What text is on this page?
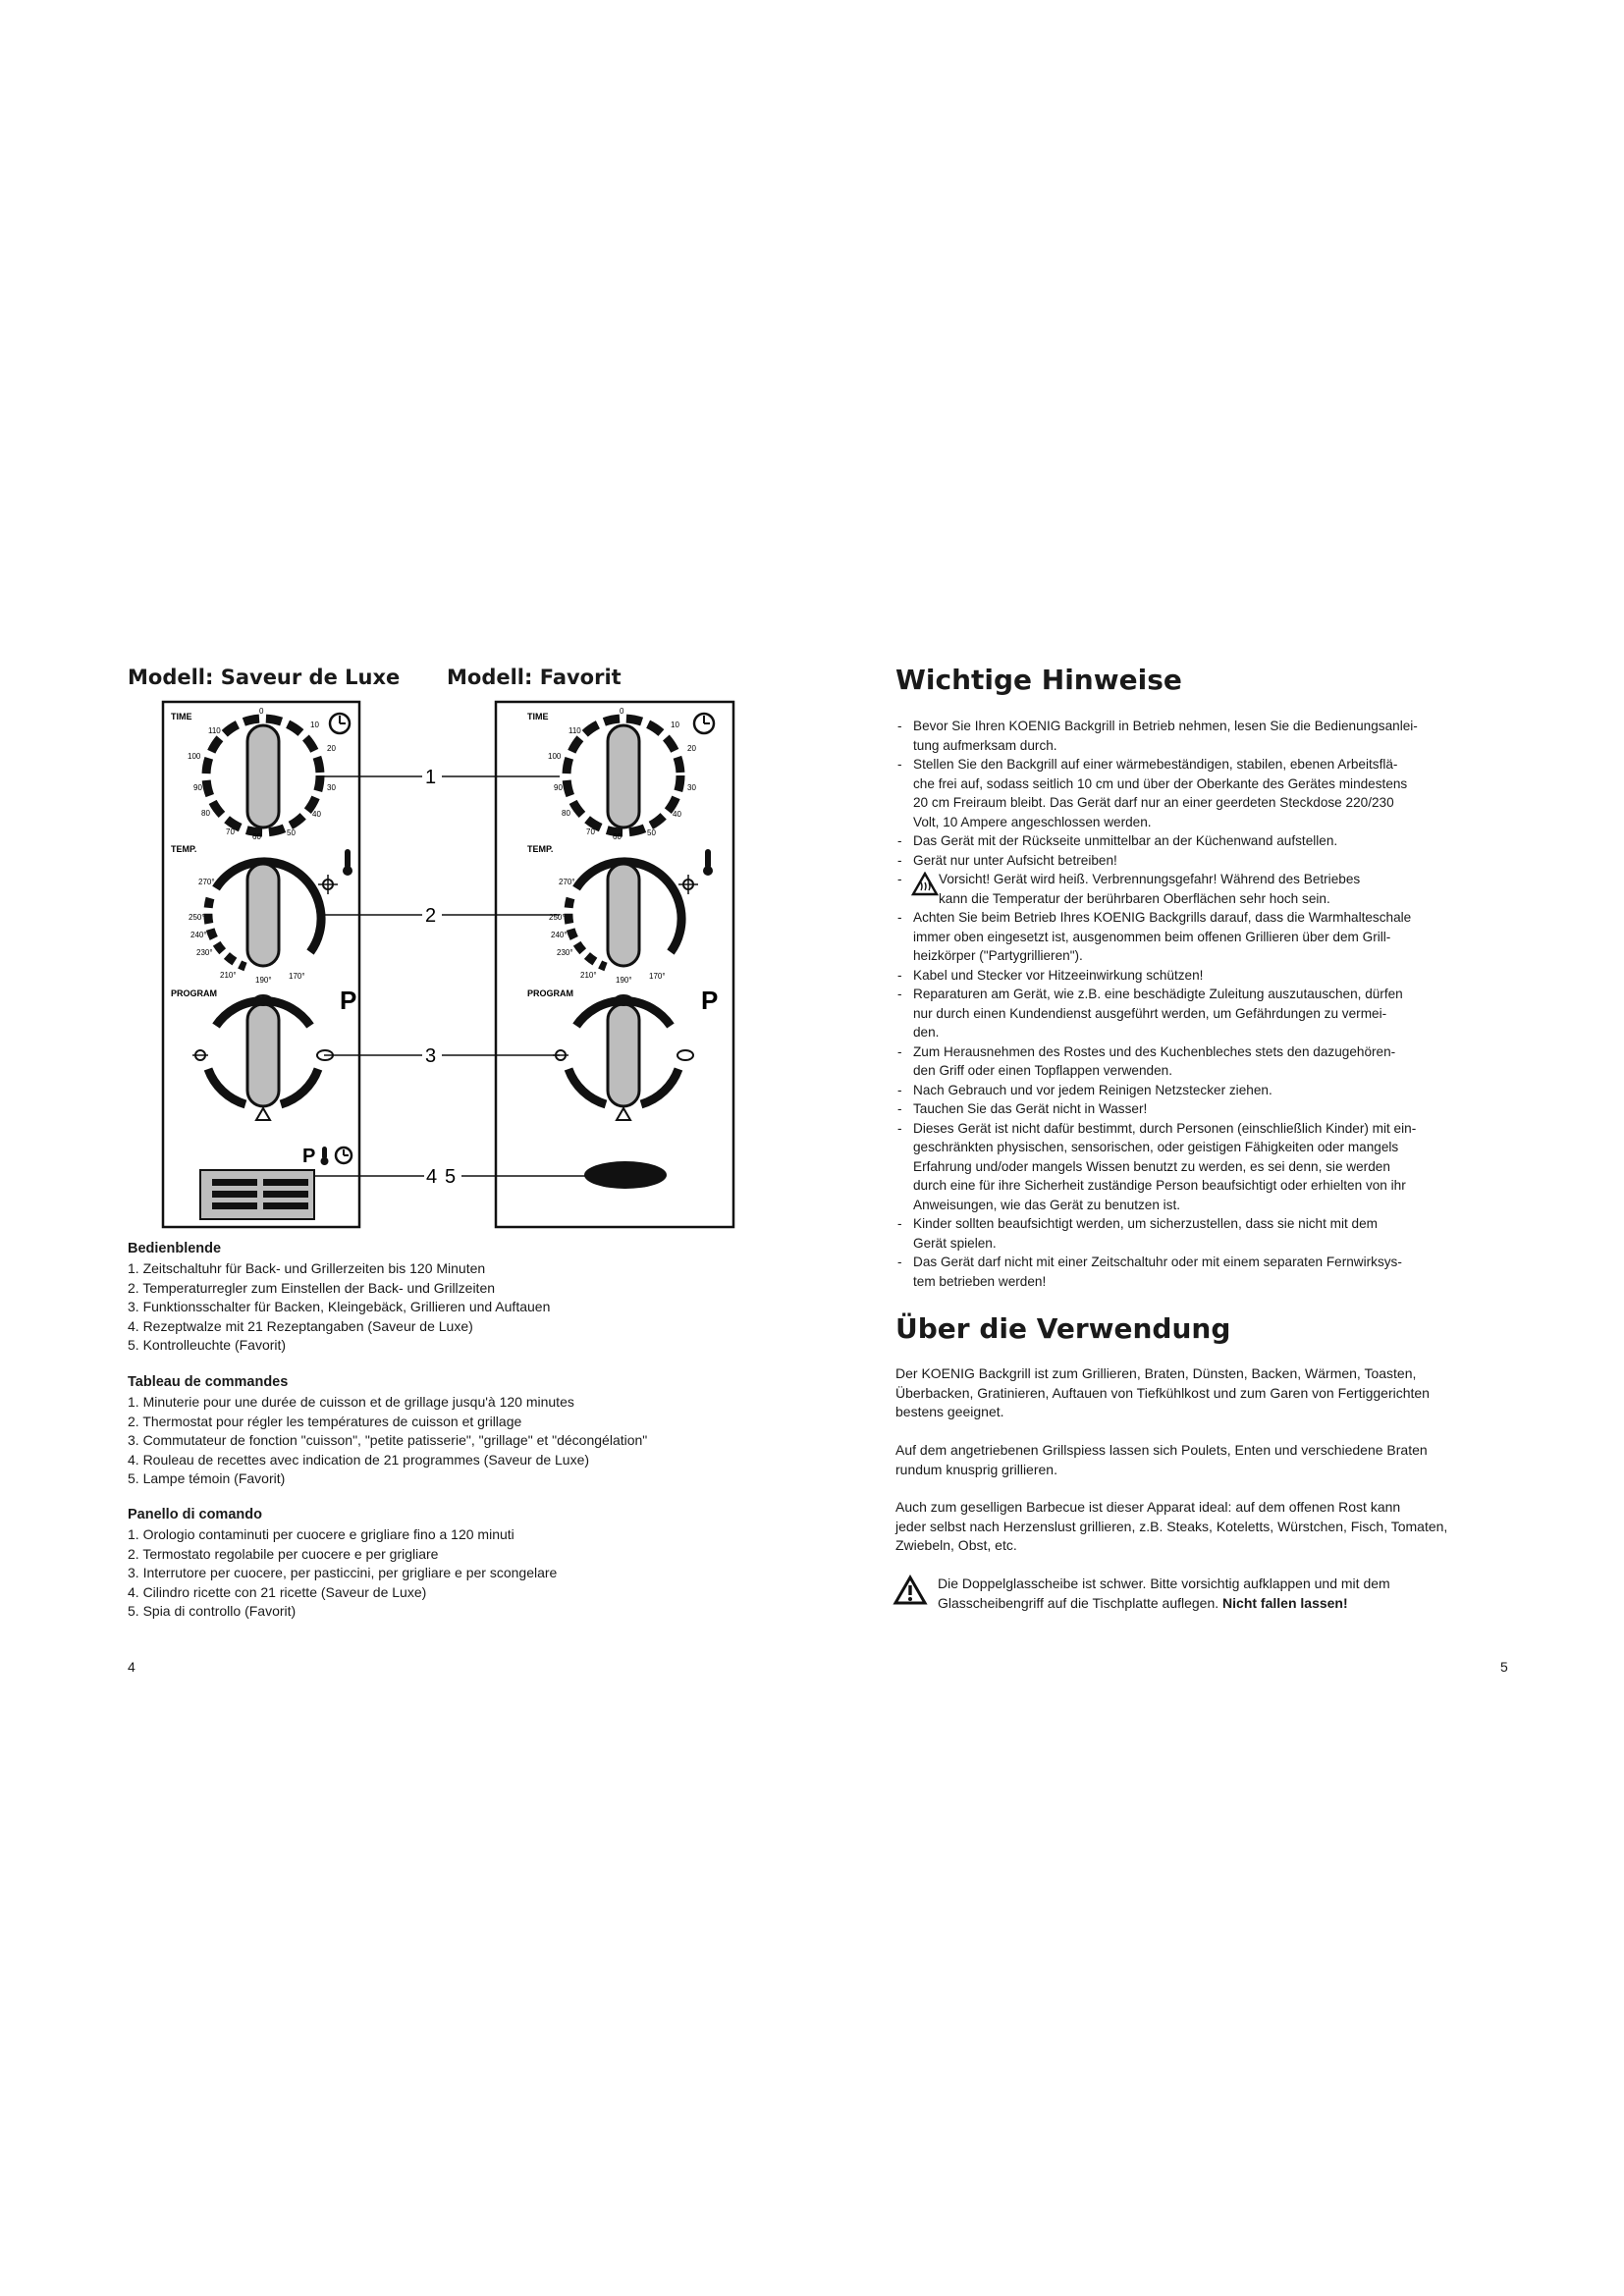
Modell: Saveur de Luxe Modell: Favorit
TIME
0
10
20
30
40
50
60
70
80
90
100
110
TEMP.
270°
250°
240°
230°
210°
190° 170°
PROGRAM	P
P
TIME
0
10
20
30
40
50
60
70
80
90
100
110
TEMP.
270°
250°
240°
230°
210°
190° 170°
PROGRAM	P
1
2
3
4 5
Bedienblende
1. Zeitschaltuhr für Back- und Grillerzeiten bis 120 Minuten
2. Temperaturregler zum Einstellen der Back- und Grillzeiten
3. Funktionsschalter für Backen, Kleingebäck, Grillieren und Auftauen
4. Rezeptwalze mit 21 Rezeptangaben (Saveur de Luxe)
5. Kontrolleuchte (Favorit)
Tableau de commandes
1. Minuterie pour une durée de cuisson et de grillage jusqu'à 120 minutes
2. Thermostat pour régler les températures de cuisson et grillage
3. Commutateur de fonction "cuisson", "petite patisserie", "grillage" et "décongélation"
4. Rouleau de recettes avec indication de 21 programmes (Saveur de Luxe)
5. Lampe témoin (Favorit)
Panello di comando
1. Orologio contaminuti per cuocere e grigliare fino a 120 minuti
2. Termostato regolabile per cuocere e per grigliare
3. Interrutore per cuocere, per pasticcini, per grigliare e per scongelare
4. Cilindro ricette con 21 ricette (Saveur de Luxe)
5. Spia di controllo (Favorit)
4
Wichtige Hinweise
- Bevor Sie Ihren KOENIG Backgrill in Betrieb nehmen, lesen Sie die Bedienungsanlei-
tung aufmerksam durch.
- Stellen Sie den Backgrill auf einer wärmebeständigen, stabilen, ebenen Arbeitsflä-
che frei auf, sodass seitlich 10 cm und über der Oberkante des Gerätes mindestens
20 cm Freiraum bleibt. Das Gerät darf nur an einer geerdeten Steckdose 220/230
Volt, 10 Ampere angeschlossen werden.
- Das Gerät mit der Rückseite unmittelbar an der Küchenwand aufstellen.
- Gerät nur unter Aufsicht betreiben!
- Vorsicht! Gerät wird heiß. Verbrennungsgefahr! Während des Betriebes
kann die Temperatur der berührbaren Oberflächen sehr hoch sein.
- Achten Sie beim Betrieb Ihres KOENIG Backgrills darauf, dass die Warmhalteschale
immer oben eingesetzt ist, ausgenommen beim offenen Grillieren über dem Grill-
heizkörper ("Partygrillieren").
- Kabel und Stecker vor Hitzeeinwirkung schützen!
- Reparaturen am Gerät, wie z.B. eine beschädigte Zuleitung auszutauschen, dürfen
nur durch einen Kundendienst ausgeführt werden, um Gefährdungen zu vermei-
den.
- Zum Herausnehmen des Rostes und des Kuchenbleches stets den dazugehören-
den Griff oder einen Topflappen verwenden.
- Nach Gebrauch und vor jedem Reinigen Netzstecker ziehen.
- Tauchen Sie das Gerät nicht in Wasser!
- Dieses Gerät ist nicht dafür bestimmt, durch Personen (einschließlich Kinder) mit ein-
geschränkten physischen, sensorischen, oder geistigen Fähigkeiten oder mangels
Erfahrung und/oder mangels Wissen benutzt zu werden, es sei denn, sie werden
durch eine für ihre Sicherheit zuständige Person beaufsichtigt oder erhielten von ihr
Anweisungen, wie das Gerät zu benutzen ist.
- Kinder sollten beaufsichtigt werden, um sicherzustellen, dass sie nicht mit dem
Gerät spielen.
- Das Gerät darf nicht mit einer Zeitschaltuhr oder mit einem separaten Fernwirksys-
tem betrieben werden!
Über die Verwendung

Der KOENIG Backgrill ist zum Grillieren, Braten, Dünsten, Backen, Wärmen, Toasten,
Überbacken, Gratinieren, Auftauen von Tiefkühlkost und zum Garen von Fertiggerichten
bestens geeignet.

Auf dem angetriebenen Grillspiess lassen sich Poulets, Enten und verschiedene Braten
rundum knusprig grillieren.

Auch zum geselligen Barbecue ist dieser Apparat ideal: auf dem offenen Rost kann
jeder selbst nach Herzenslust grillieren, z.B. Steaks, Koteletts, Würstchen, Fisch, Tomaten,
Zwiebeln, Obst, etc.

Die Doppelglasscheibe ist schwer. Bitte vorsichtig aufklappen und mit dem
Glasscheibengriff auf die Tischplatte auflegen. Nicht fallen lassen!

5
